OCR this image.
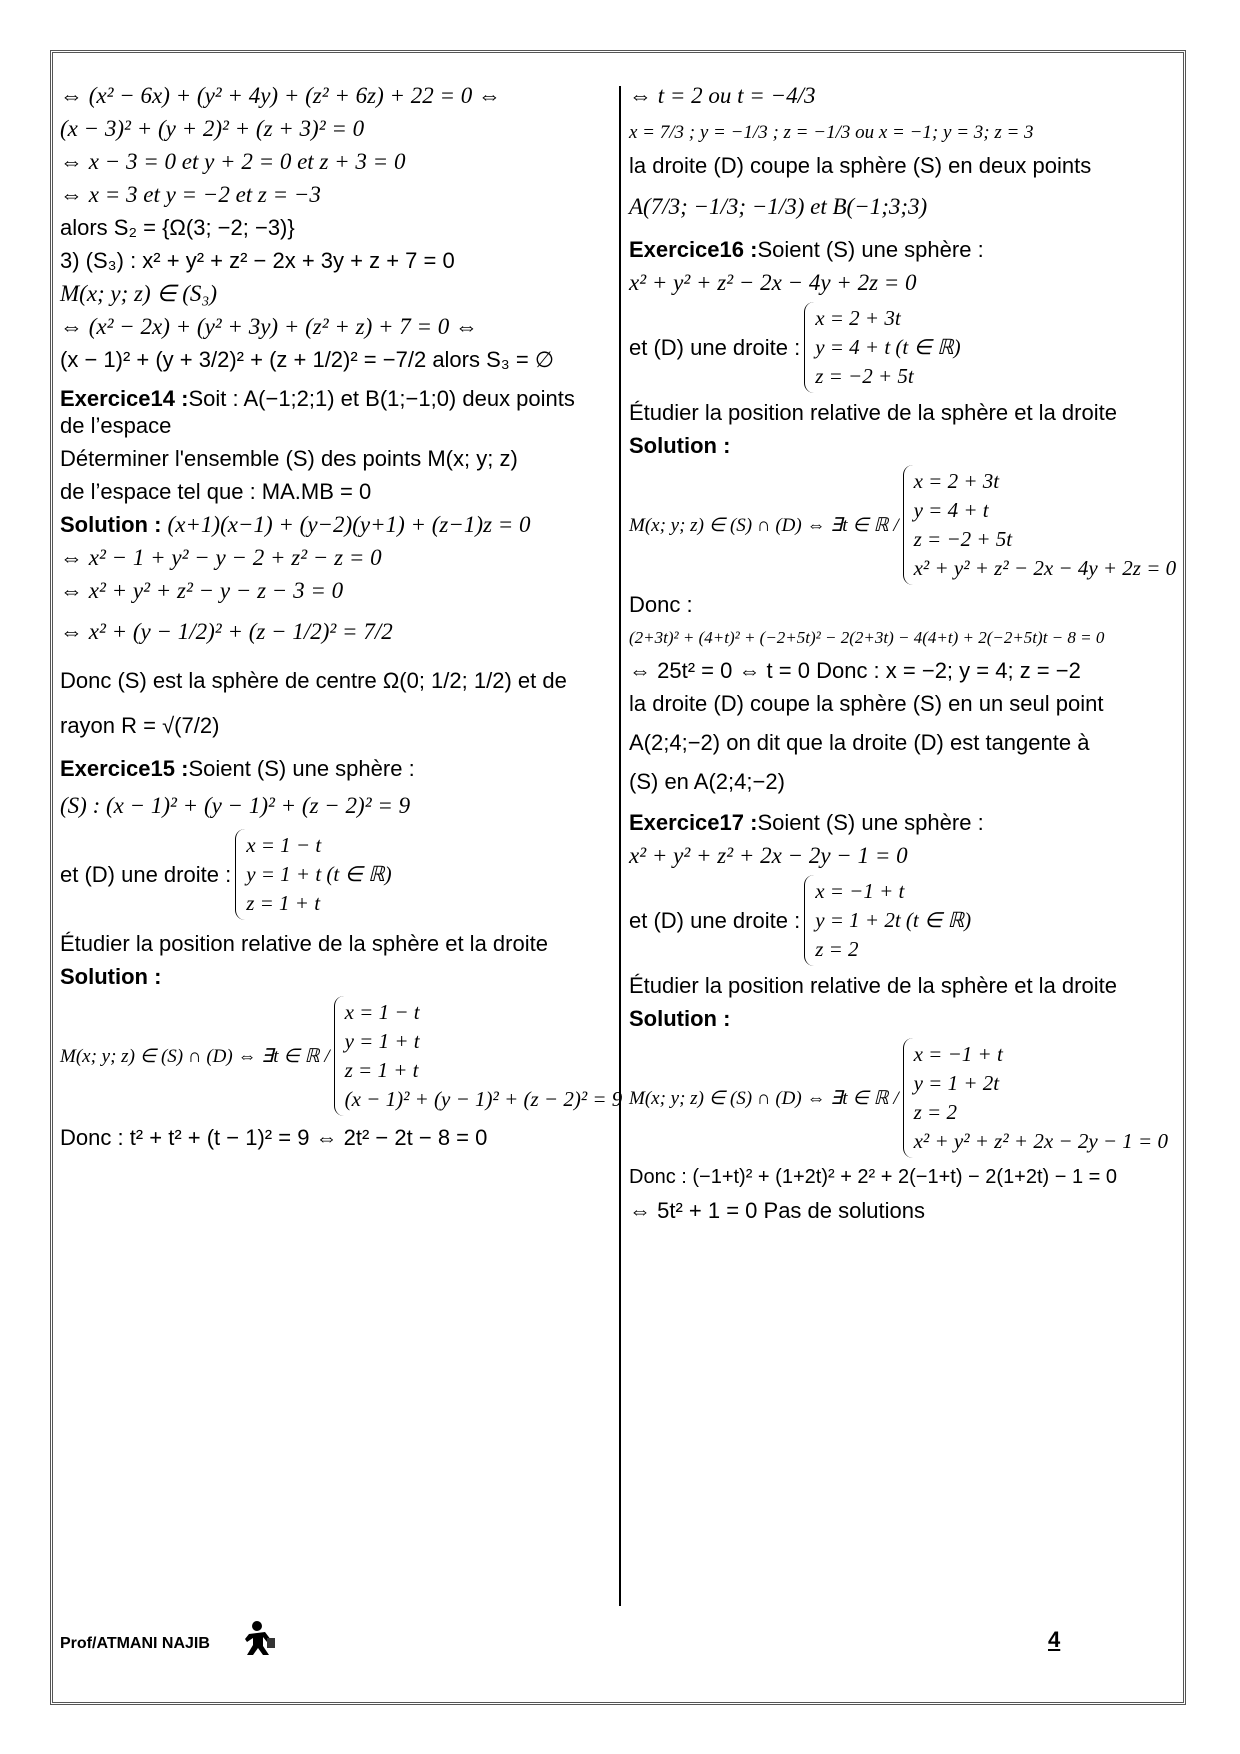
⇔ (x² − 6x) + (y² + 4y) + (z² + 6z) + 22 = 0 ⇔
(x − 3)² + (y + 2)² + (z + 3)² = 0
⇔ x − 3 = 0 et y + 2 = 0 et z + 3 = 0
⇔ x = 3 et y = −2 et z = −3
alors S₂ = {Ω(3; −2; −3)}
3) (S₃) : x² + y² + z² − 2x + 3y + z + 7 = 0
M(x; y; z) ∈ (S₃)
⇔ (x² − 2x) + (y² + 3y) + (z² + z) + 7 = 0 ⇔
(x − 1)² + (y + 3/2)² + (z + 1/2)² = −7/2 alors S₃ = ∅
Exercice14 :Soit : A(−1;2;1) et B(1;−1;0) deux points de l’espace
Déterminer l'ensemble (S) des points M(x; y; z)
de l’espace tel que : MA.MB = 0
Solution : (x+1)(x−1) + (y−2)(y+1) + (z−1)z = 0
⇔ x² − 1 + y² − y − 2 + z² − z = 0
⇔ x² + y² + z² − y − z − 3 = 0
⇔ x² + (y − 1/2)² + (z − 1/2)² = 7/2
Donc (S) est la sphère de centre Ω(0; 1/2; 1/2) et de
rayon R = √(7/2)
Exercice15 :Soient (S) une sphère :
(S) : (x − 1)² + (y − 1)² + (z − 2)² = 9
et (D) une droite :
x = 1 − t
y = 1 + t (t ∈ ℝ)
z = 1 + t
Étudier la position relative de la sphère et la droite
Solution :
M(x; y; z) ∈ (S) ∩ (D) ⇔ ∃t ∈ ℝ /
x = 1 − t
y = 1 + t
z = 1 + t
(x − 1)² + (y − 1)² + (z − 2)² = 9
Donc : t² + t² + (t − 1)² = 9 ⇔ 2t² − 2t − 8 = 0
⇔ t = 2 ou t = −4/3
x = 7/3 ; y = −1/3 ; z = −1/3 ou x = −1; y = 3; z = 3
la droite (D) coupe la sphère (S) en deux points
A(7/3; −1/3; −1/3) et B(−1;3;3)
Exercice16 :Soient (S) une sphère :
x² + y² + z² − 2x − 4y + 2z = 0
et (D) une droite :
x = 2 + 3t
y = 4 + t (t ∈ ℝ)
z = −2 + 5t
Étudier la position relative de la sphère et la droite
Solution :
M(x; y; z) ∈ (S) ∩ (D) ⇔ ∃t ∈ ℝ /
x = 2 + 3t
y = 4 + t
z = −2 + 5t
x² + y² + z² − 2x − 4y + 2z = 0
Donc :
(2+3t)² + (4+t)² + (−2+5t)² − 2(2+3t) − 4(4+t) + 2(−2+5t)t − 8 = 0
⇔ 25t² = 0 ⇔ t = 0 Donc : x = −2; y = 4; z = −2
la droite (D) coupe la sphère (S) en un seul point
A(2;4;−2) on dit que la droite (D) est tangente à
(S) en A(2;4;−2)
Exercice17 :Soient (S) une sphère :
x² + y² + z² + 2x − 2y − 1 = 0
et (D) une droite :
x = −1 + t
y = 1 + 2t (t ∈ ℝ)
z = 2
Étudier la position relative de la sphère et la droite
Solution :
M(x; y; z) ∈ (S) ∩ (D) ⇔ ∃t ∈ ℝ /
x = −1 + t
y = 1 + 2t
z = 2
x² + y² + z² + 2x − 2y − 1 = 0
Donc : (−1+t)² + (1+2t)² + 2² + 2(−1+t) − 2(1+2t) − 1 = 0
⇔ 5t² + 1 = 0 Pas de solutions
Prof/ATMANI NAJIB	4
